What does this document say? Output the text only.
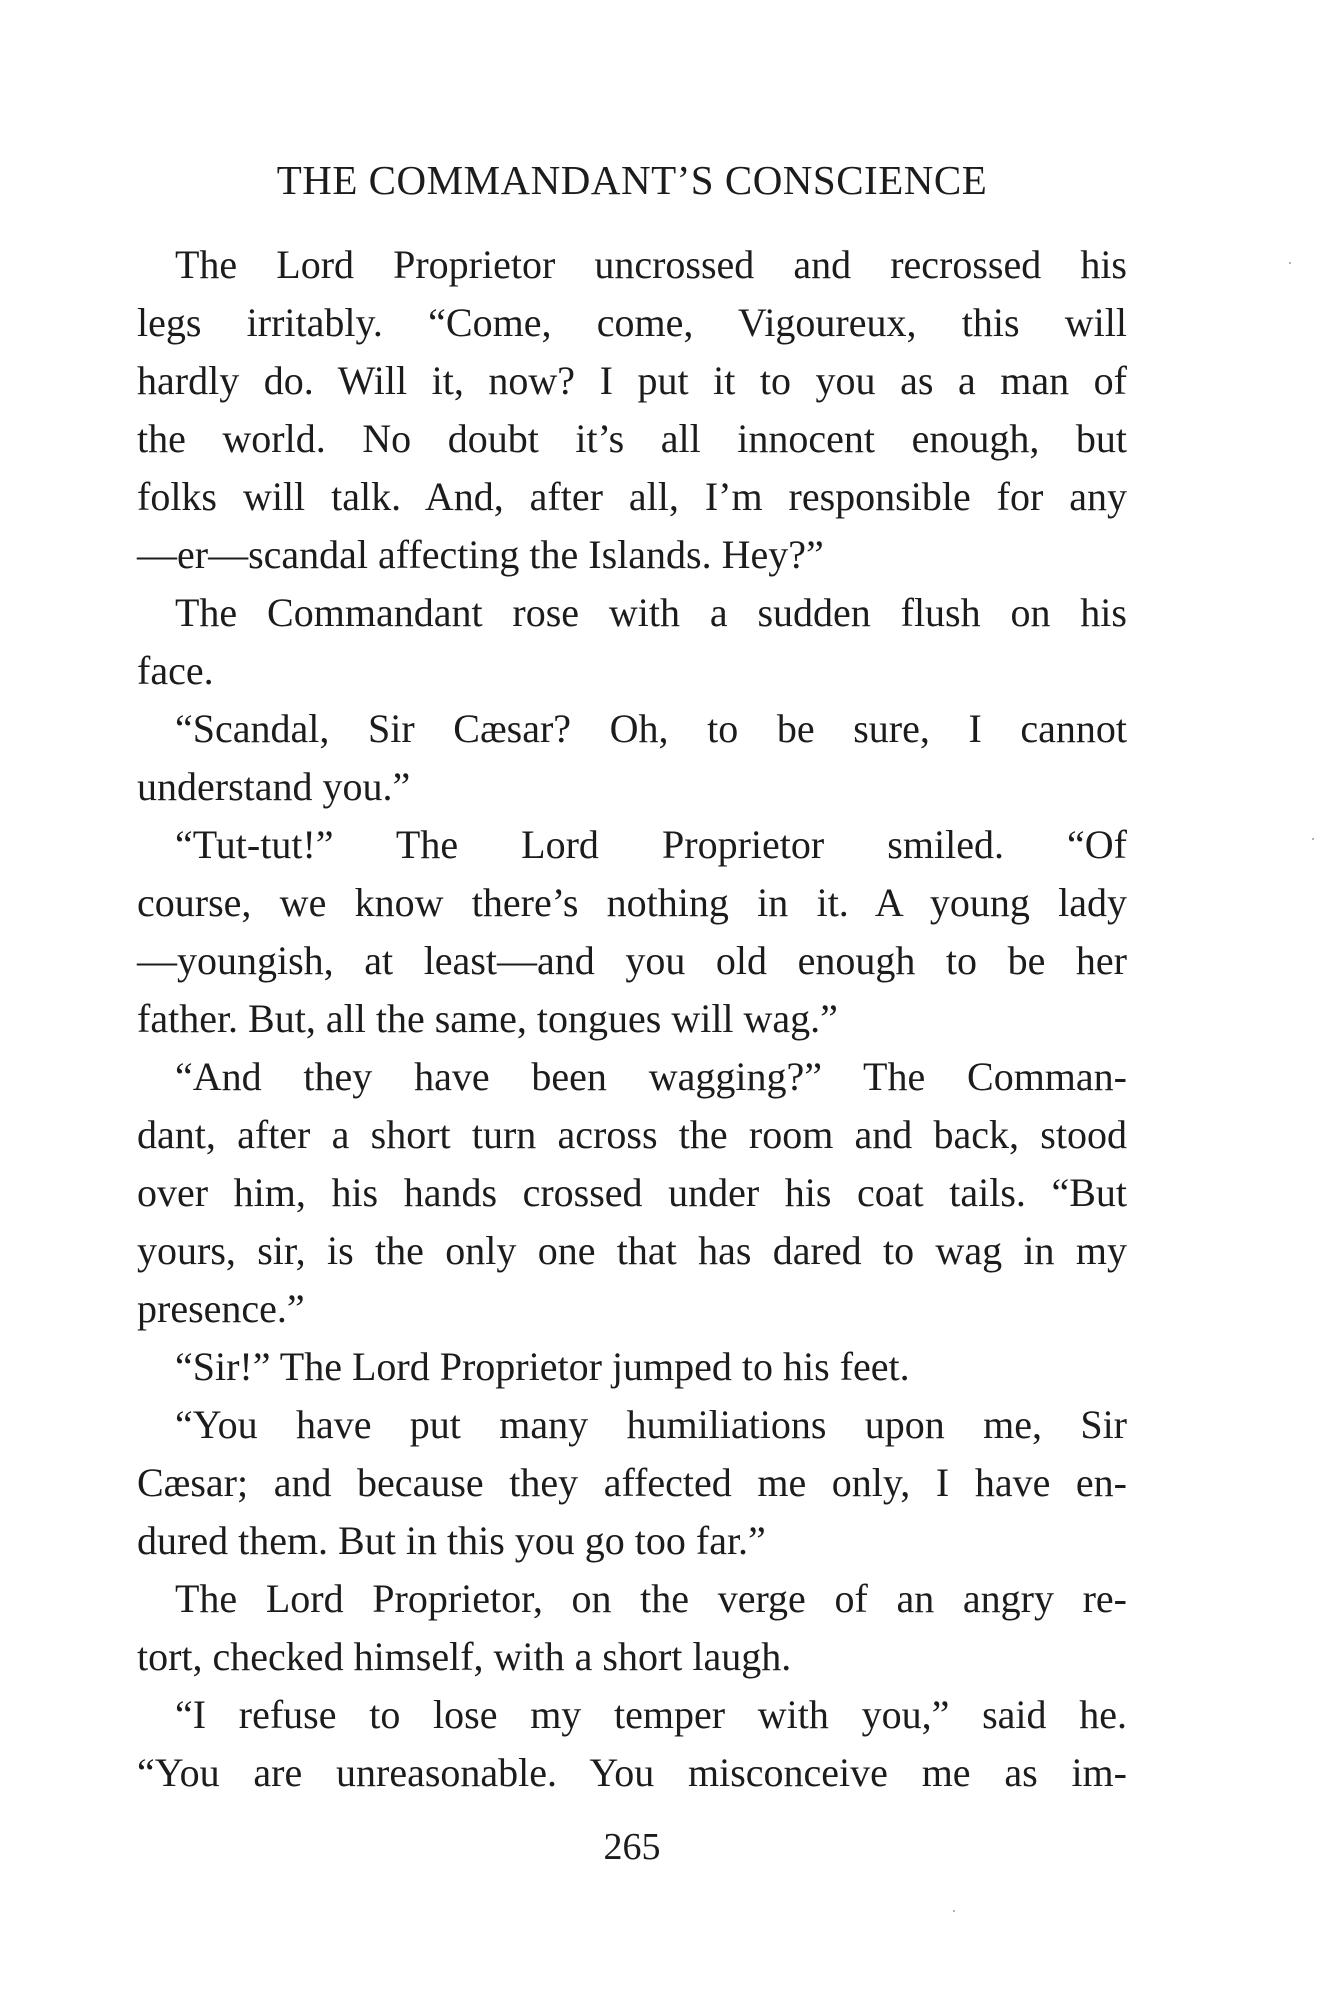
THE COMMANDANT’S CONSCIENCE
The Lord Proprietor uncrossed and recrossed his
legs irritably. “Come, come, Vigoureux, this will
hardly do. Will it, now? I put it to you as a man of
the world. No doubt it’s all innocent enough, but
folks will talk. And, after all, I’m responsible for any
—er—scandal affecting the Islands. Hey?”
The Commandant rose with a sudden flush on his
face.
“Scandal, Sir Cæsar? Oh, to be sure, I cannot
understand you.”
“Tut-tut!” The Lord Proprietor smiled. “Of
course, we know there’s nothing in it. A young lady
—youngish, at least—and you old enough to be her
father. But, all the same, tongues will wag.”
“And they have been wagging?” The Comman-
dant, after a short turn across the room and back, stood
over him, his hands crossed under his coat tails. “But
yours, sir, is the only one that has dared to wag in my
presence.”
“Sir!” The Lord Proprietor jumped to his feet.
“You have put many humiliations upon me, Sir
Cæsar; and because they affected me only, I have en-
dured them. But in this you go too far.”
The Lord Proprietor, on the verge of an angry re-
tort, checked himself, with a short laugh.
“I refuse to lose my temper with you,” said he.
“You are unreasonable. You misconceive me as im-
265
